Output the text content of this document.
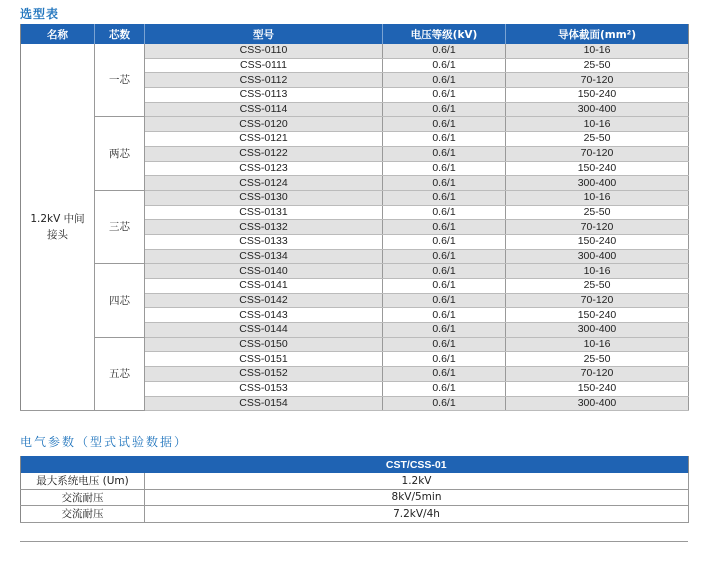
选型表
名称	芯数	型号	电压等级(kV)	导体截面(mm²)
1.2kV 中间
接头	一芯	CSS-0110	0.6/1	10-16
		CSS-0111	0.6/1	25-50
		CSS-0112	0.6/1	70-120
		CSS-0113	0.6/1	150-240
		CSS-0114	0.6/1	300-400
	两芯	CSS-0120	0.6/1	10-16
		CSS-0121	0.6/1	25-50
		CSS-0122	0.6/1	70-120
		CSS-0123	0.6/1	150-240
		CSS-0124	0.6/1	300-400
	三芯	CSS-0130	0.6/1	10-16
		CSS-0131	0.6/1	25-50
		CSS-0132	0.6/1	70-120
		CSS-0133	0.6/1	150-240
		CSS-0134	0.6/1	300-400
	四芯	CSS-0140	0.6/1	10-16
		CSS-0141	0.6/1	25-50
		CSS-0142	0.6/1	70-120
		CSS-0143	0.6/1	150-240
		CSS-0144	0.6/1	300-400
	五芯	CSS-0150	0.6/1	10-16
		CSS-0151	0.6/1	25-50
		CSS-0152	0.6/1	70-120
		CSS-0153	0.6/1	150-240
		CSS-0154	0.6/1	300-400
电气参数（型式试验数据）
	CST/CSS-01
最大系统电压 (Um)	1.2kV
交流耐压	8kV/5min
交流耐压	7.2kV/4h
